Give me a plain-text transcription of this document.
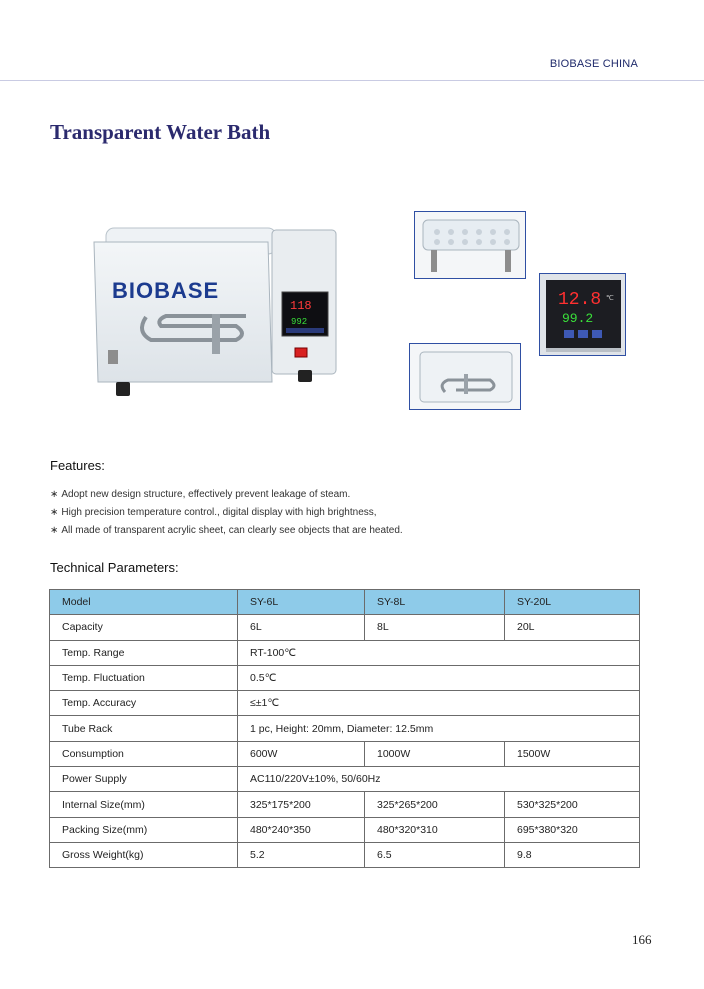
BIOBASE CHINA
Transparent Water Bath
BIOBASE
118
992
12.8 ℃
99.2
Features:
∗ Adopt new design structure, effectively prevent leakage of steam.
∗ High precision temperature control., digital display with high brightness,
∗ All made of transparent acrylic sheet, can clearly see objects that are heated.
Technical Parameters:
Model	SY-6L	SY-8L	SY-20L
Capacity	6L	8L	20L
Temp. Range	RT-100℃		
Temp. Fluctuation	0.5℃		
Temp. Accuracy	≤±1℃		
Tube Rack	1 pc, Height: 20mm, Diameter: 12.5mm		
Consumption	600W	1000W	1500W
Power Supply	AC110/220V±10%, 50/60Hz		
Internal Size(mm)	325*175*200	325*265*200	530*325*200
Packing Size(mm)	480*240*350	480*320*310	695*380*320
Gross Weight(kg)	5.2	6.5	9.8
166
